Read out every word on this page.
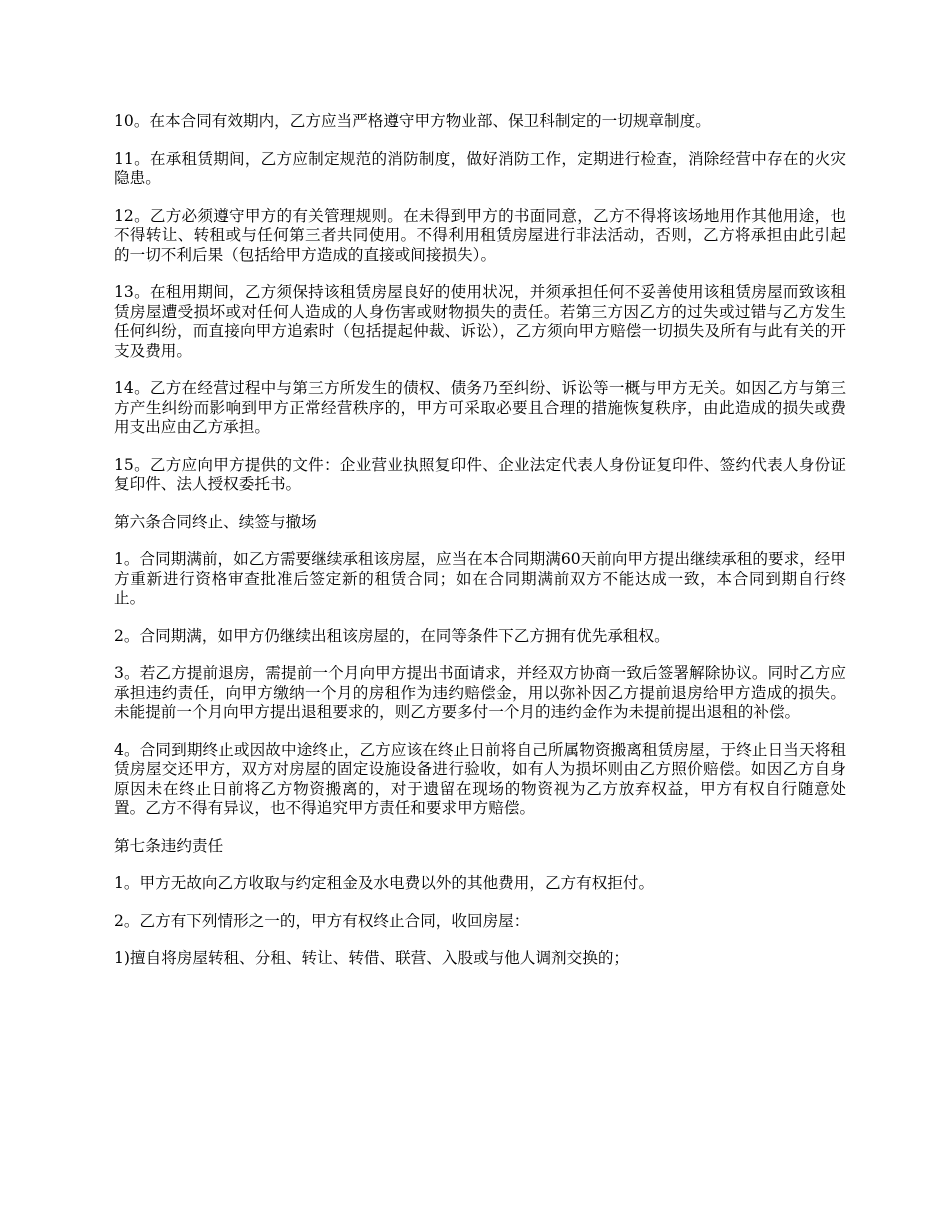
10。在本合同有效期内，乙方应当严格遵守甲方物业部、保卫科制定的一切规章制度。

11。在承租赁期间，乙方应制定规范的消防制度，做好消防工作，定期进行检查，消除经营中存在的火灾隐患。

12。乙方必须遵守甲方的有关管理规则。在未得到甲方的书面同意，乙方不得将该场地用作其他用途，也不得转让、转租或与任何第三者共同使用。不得利用租赁房屋进行非法活动，否则，乙方将承担由此引起的一切不利后果（包括给甲方造成的直接或间接损失）。

13。在租用期间，乙方须保持该租赁房屋良好的使用状况，并须承担任何不妥善使用该租赁房屋而致该租赁房屋遭受损坏或对任何人造成的人身伤害或财物损失的责任。若第三方因乙方的过失或过错与乙方发生任何纠纷，而直接向甲方追索时（包括提起仲裁、诉讼），乙方须向甲方赔偿一切损失及所有与此有关的开支及费用。

14。乙方在经营过程中与第三方所发生的债权、债务乃至纠纷、诉讼等一概与甲方无关。如因乙方与第三方产生纠纷而影响到甲方正常经营秩序的，甲方可采取必要且合理的措施恢复秩序，由此造成的损失或费用支出应由乙方承担。

15。乙方应向甲方提供的文件：企业营业执照复印件、企业法定代表人身份证复印件、签约代表人身份证复印件、法人授权委托书。

第六条合同终止、续签与撤场

1。合同期满前，如乙方需要继续承租该房屋，应当在本合同期满60天前向甲方提出继续承租的要求，经甲方重新进行资格审查批准后签定新的租赁合同；如在合同期满前双方不能达成一致，本合同到期自行终止。

2。合同期满，如甲方仍继续出租该房屋的，在同等条件下乙方拥有优先承租权。

3。若乙方提前退房，需提前一个月向甲方提出书面请求，并经双方协商一致后签署解除协议。同时乙方应承担违约责任，向甲方缴纳一个月的房租作为违约赔偿金，用以弥补因乙方提前退房给甲方造成的损失。未能提前一个月向甲方提出退租要求的，则乙方要多付一个月的违约金作为未提前提出退租的补偿。

4。合同到期终止或因故中途终止，乙方应该在终止日前将自己所属物资搬离租赁房屋，于终止日当天将租赁房屋交还甲方，双方对房屋的固定设施设备进行验收，如有人为损坏则由乙方照价赔偿。如因乙方自身原因未在终止日前将乙方物资搬离的，对于遗留在现场的物资视为乙方放弃权益，甲方有权自行随意处置。乙方不得有异议，也不得追究甲方责任和要求甲方赔偿。

第七条违约责任

1。甲方无故向乙方收取与约定租金及水电费以外的其他费用，乙方有权拒付。

2。乙方有下列情形之一的，甲方有权终止合同，收回房屋：

1)擅自将房屋转租、分租、转让、转借、联营、入股或与他人调剂交换的；
